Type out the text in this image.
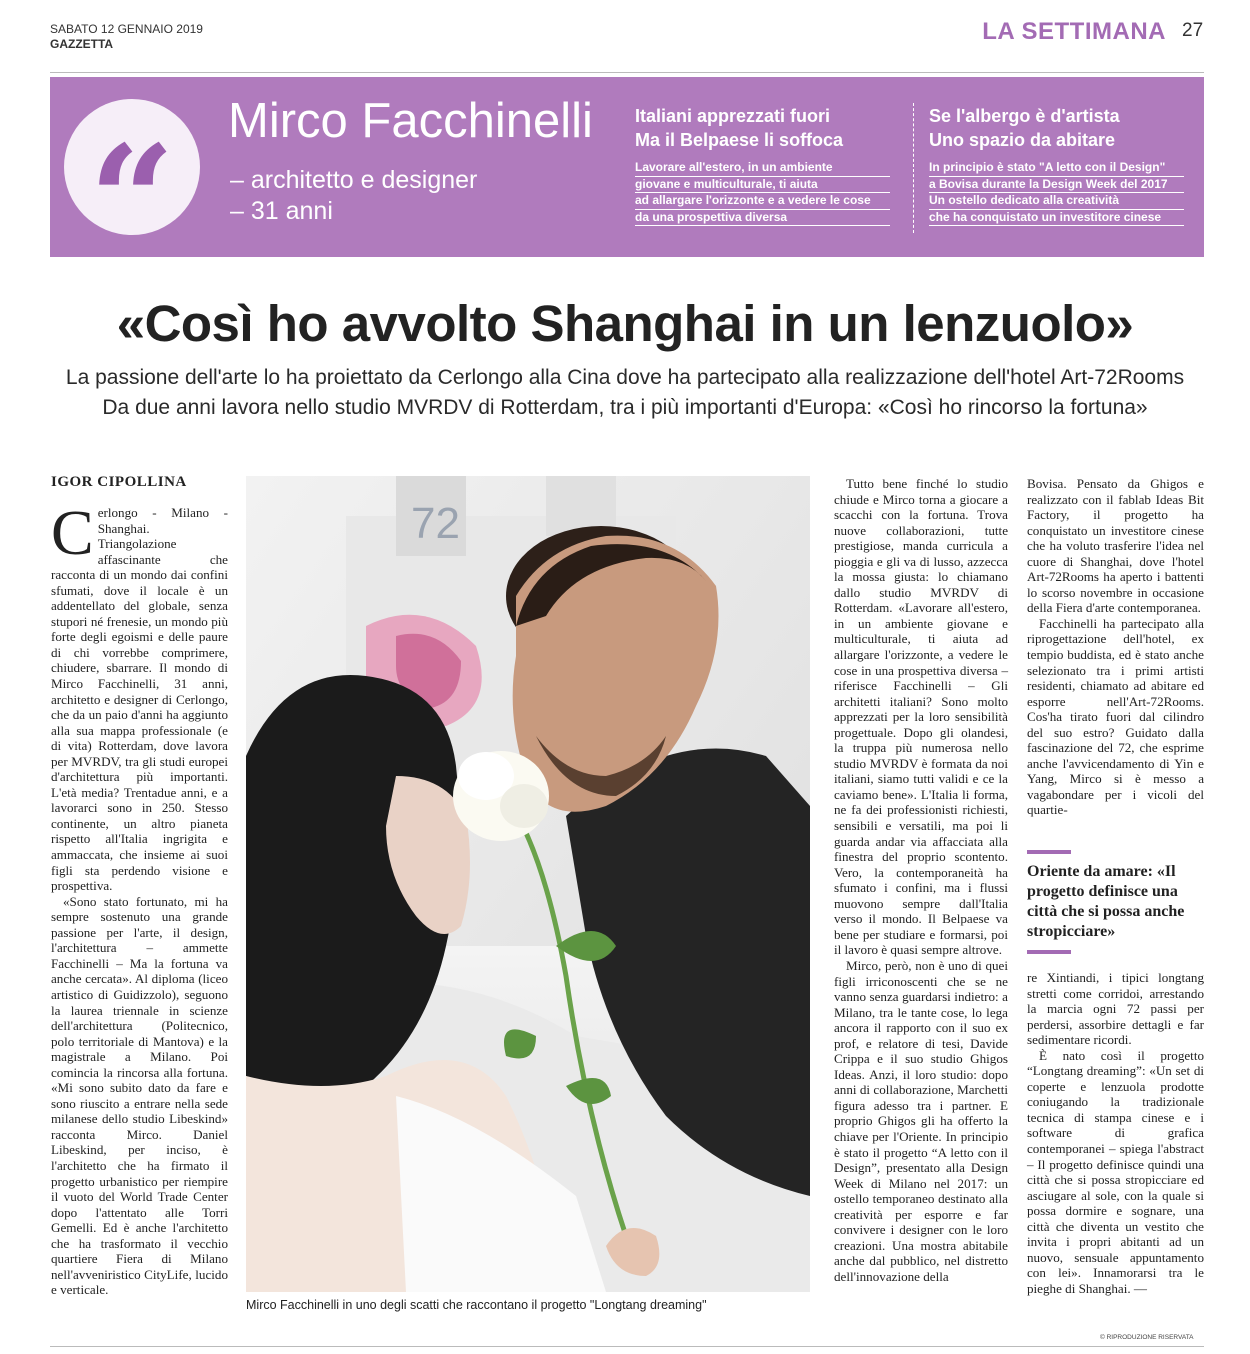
SABATO 12 GENNAIO 2019
GAZZETTA	LA SETTIMANA 27
“	Mirco Facchinelli
– architetto e designer
– 31 anni
Italiani apprezzati fuori
Ma il Belpaese li soffoca
Lavorare all'estero, in un ambiente
giovane e multiculturale, ti aiuta
ad allargare l'orizzonte e a vedere le cose
da una prospettiva diversa
Se l'albergo è d'artista
Uno spazio da abitare
In principio è stato "A letto con il Design"
a Bovisa durante la Design Week del 2017
Un ostello dedicato alla creatività
che ha conquistato un investitore cinese
«Così ho avvolto Shanghai in un lenzuolo»
La passione dell'arte lo ha proiettato da Cerlongo alla Cina dove ha partecipato alla realizzazione dell'hotel Art-72Rooms
Da due anni lavora nello studio MVRDV di Rotterdam, tra i più importanti d'Europa: «Così ho rincorso la fortuna»
IGOR CIPOLLINA

Cerlongo - Milano - Shanghai. Triangolazione affascinante che racconta di un mondo dai confini sfumati, dove il locale è un addentellato del globale, senza stupori né frenesie, un mondo più forte degli egoismi e delle paure di chi vorrebbe comprimere, chiudere, sbarrare. Il mondo di Mirco Facchinelli, 31 anni, architetto e designer di Cerlongo, che da un paio d'anni ha aggiunto alla sua mappa professionale (e di vita) Rotterdam, dove lavora per MVRDV, tra gli studi europei d'architettura più importanti. L'età media? Trentadue anni, e a lavorarci sono in 250. Stesso continente, un altro pianeta rispetto all'Italia ingrigita e ammaccata, che insieme ai suoi figli sta perdendo visione e prospettiva.

«Sono stato fortunato, mi ha sempre sostenuto una grande passione per l'arte, il design, l'architettura – ammette Facchinelli – Ma la fortuna va anche cercata». Al diploma (liceo artistico di Guidizzolo), seguono la laurea triennale in scienze dell'architettura (Politecnico, polo territoriale di Mantova) e la magistrale a Milano. Poi comincia la rincorsa alla fortuna. «Mi sono subito dato da fare e sono riuscito a entrare nella sede milanese dello studio Libeskind» racconta Mirco. Daniel Libeskind, per inciso, è l'architetto che ha firmato il progetto urbanistico per riempire il vuoto del World Trade Center dopo l'attentato alle Torri Gemelli. Ed è anche l'architetto che ha trasformato il vecchio quartiere Fiera di Milano nell'avveniristico CityLife, lucido e verticale.

72
Mirco Facchinelli in uno degli scatti che raccontano il progetto "Longtang dreaming"

Tutto bene finché lo studio chiude e Mirco torna a giocare a scacchi con la fortuna. Trova nuove collaborazioni, tutte prestigiose, manda curricula a pioggia e gli va di lusso, azzecca la mossa giusta: lo chiamano dallo studio MVRDV di Rotterdam. «Lavorare all'estero, in un ambiente giovane e multiculturale, ti aiuta ad allargare l'orizzonte, a vedere le cose in una prospettiva diversa – riferisce Facchinelli – Gli architetti italiani? Sono molto apprezzati per la loro sensibilità progettuale. Dopo gli olandesi, la truppa più numerosa nello studio MVRDV è formata da noi italiani, siamo tutti validi e ce la caviamo bene». L'Italia li forma, ne fa dei professionisti richiesti, sensibili e versatili, ma poi li guarda andar via affacciata alla finestra del proprio scontento. Vero, la contemporaneità ha sfumato i confini, ma i flussi muovono sempre dall'Italia verso il mondo. Il Belpaese va bene per studiare e formarsi, poi il lavoro è quasi sempre altrove.

Mirco, però, non è uno di quei figli irriconoscenti che se ne vanno senza guardarsi indietro: a Milano, tra le tante cose, lo lega ancora il rapporto con il suo ex prof, e relatore di tesi, Davide Crippa e il suo studio Ghigos Ideas. Anzi, il loro studio: dopo anni di collaborazione, Marchetti figura adesso tra i partner. E proprio Ghigos gli ha offerto la chiave per l'Oriente. In principio è stato il progetto “A letto con il Design”, presentato alla Design Week di Milano nel 2017: un ostello temporaneo destinato alla creatività per esporre e far convivere i designer con le loro creazioni. Una mostra abitabile anche dal pubblico, nel distretto dell'innovazione della

Bovisa. Pensato da Ghigos e realizzato con il fablab Ideas Bit Factory, il progetto ha conquistato un investitore cinese che ha voluto trasferire l'idea nel cuore di Shanghai, dove l'hotel Art-72Rooms ha aperto i battenti lo scorso novembre in occasione della Fiera d'arte contemporanea.

Facchinelli ha partecipato alla riprogettazione dell'hotel, ex tempio buddista, ed è stato anche selezionato tra i primi artisti residenti, chiamato ad abitare ed esporre nell'Art-72Rooms. Cos'ha tirato fuori dal cilindro del suo estro? Guidato dalla fascinazione del 72, che esprime anche l'avvicendamento di Yin e Yang, Mirco si è messo a vagabondare per i vicoli del quartie-

Oriente da amare: «Il progetto definisce una città che si possa anche stropicciare»

re Xintiandi, i tipici longtang stretti come corridoi, arrestando la marcia ogni 72 passi per perdersi, assorbire dettagli e far sedimentare ricordi.

È nato così il progetto “Longtang dreaming”: «Un set di coperte e lenzuola prodotte coniugando la tradizionale tecnica di stampa cinese e i software di grafica contemporanei – spiega l'abstract – Il progetto definisce quindi una città che si possa stropicciare ed asciugare al sole, con la quale si possa dormire e sognare, una città che diventa un vestito che invita i propri abitanti ad un nuovo, sensuale appuntamento con lei». Innamorarsi tra le pieghe di Shanghai. —

© RIPRODUZIONE RISERVATA
